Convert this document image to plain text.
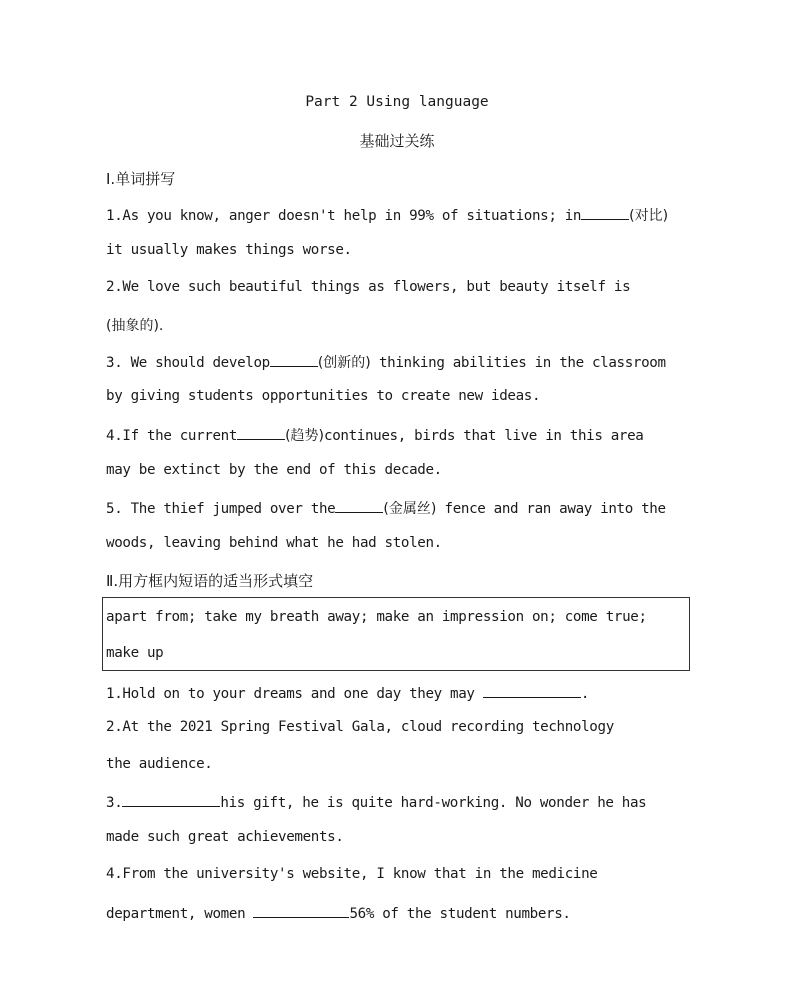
Part 2 Using language
基础过关练
Ⅰ.单词拼写
1.As you know, anger doesn't help in 99% of situations; in	(对比)
it usually makes things worse.
2.We love such beautiful things as flowers, but beauty itself is
(抽象的).
3. We should develop	(创新的) thinking abilities in the classroom
by giving students opportunities to create new ideas.
4.If the current	(趋势)continues, birds that live in this area
may be extinct by the end of this decade.
5. The thief jumped over the	(金属丝) fence and ran away into the
woods, leaving behind what he had stolen.
Ⅱ.用方框内短语的适当形式填空
apart from; take my breath away; make an impression on; come true;
make up
1.Hold on to your dreams and one day they may	.
2.At the 2021 Spring Festival Gala, cloud recording technology
the audience.
3.	his gift, he is quite hard-working. No wonder he has
made such great achievements.
4.From the university's website, I know that in the medicine
department, women	56% of the student numbers.
